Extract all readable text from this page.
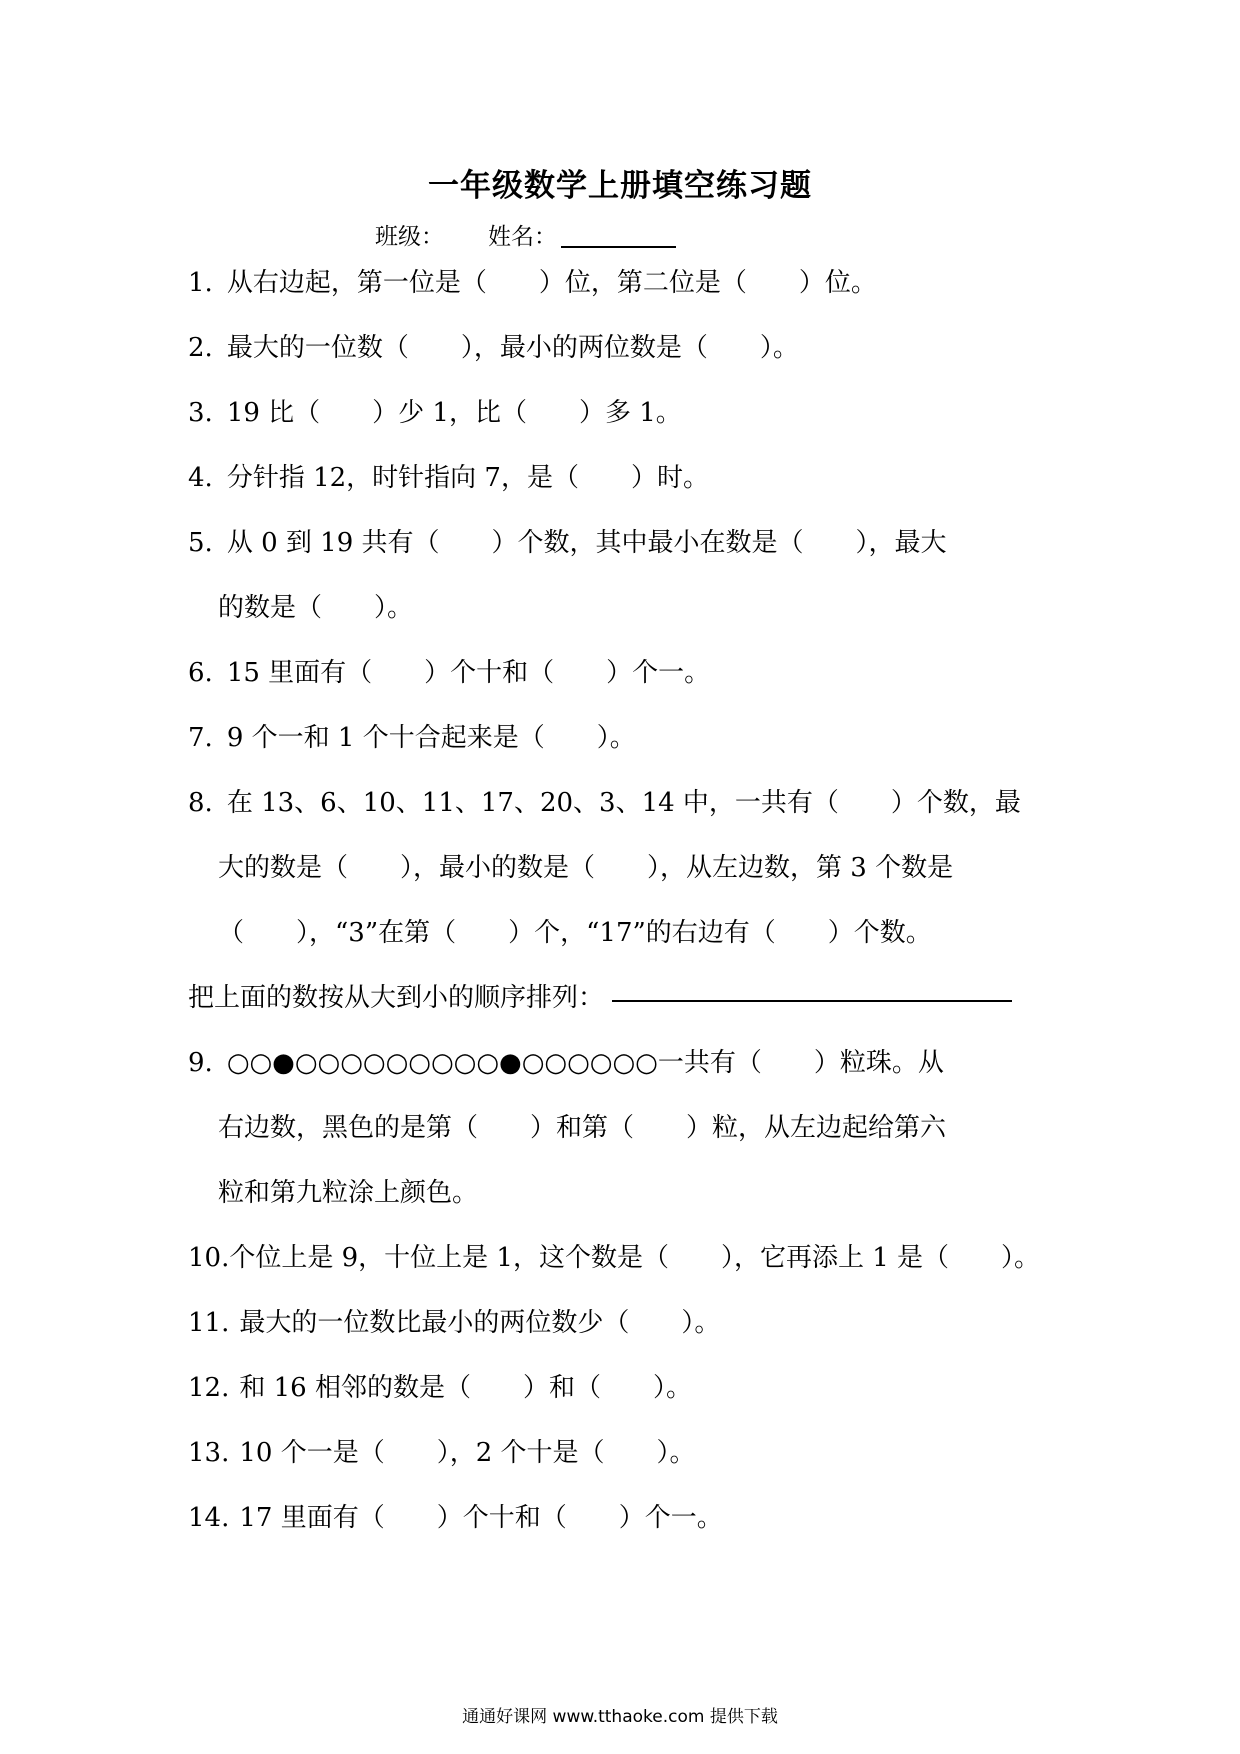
一年级数学上册填空练习题
班级： 姓名：
1. 从右边起，第一位是（　　）位，第二位是（　　）位。
2. 最大的一位数（　　），最小的两位数是（　　）。
3. 19 比（　　）少 1，比（　　）多 1。
4. 分针指 12，时针指向 7，是（　　）时。
5. 从 0 到 19 共有（　　）个数，其中最小在数是（　　），最大
的数是（　　）。
6. 15 里面有（　　）个十和（　　）个一。
7. 9 个一和 1 个十合起来是（　　）。
8. 在 13、6、10、11、17、20、3、14 中，一共有（　　）个数，最
大的数是（　　），最小的数是（　　），从左边数，第 3 个数是
（　　），“3”在第（　　）个，“17”的右边有（　　）个数。
把上面的数按从大到小的顺序排列：
9. ○○●○○○○○○○○○●○○○○○○一共有（　　）粒珠。从
右边数，黑色的是第（　　）和第（　　）粒，从左边起给第六
粒和第九粒涂上颜色。
10.个位上是 9，十位上是 1，这个数是（　　），它再添上 1 是（　　）。
11. 最大的一位数比最小的两位数少（　　）。
12. 和 16 相邻的数是（　　）和（　　）。
13. 10 个一是（　　），2 个十是（　　）。
14. 17 里面有（　　）个十和（　　）个一。
通通好课网 www.tthaoke.com 提供下载
